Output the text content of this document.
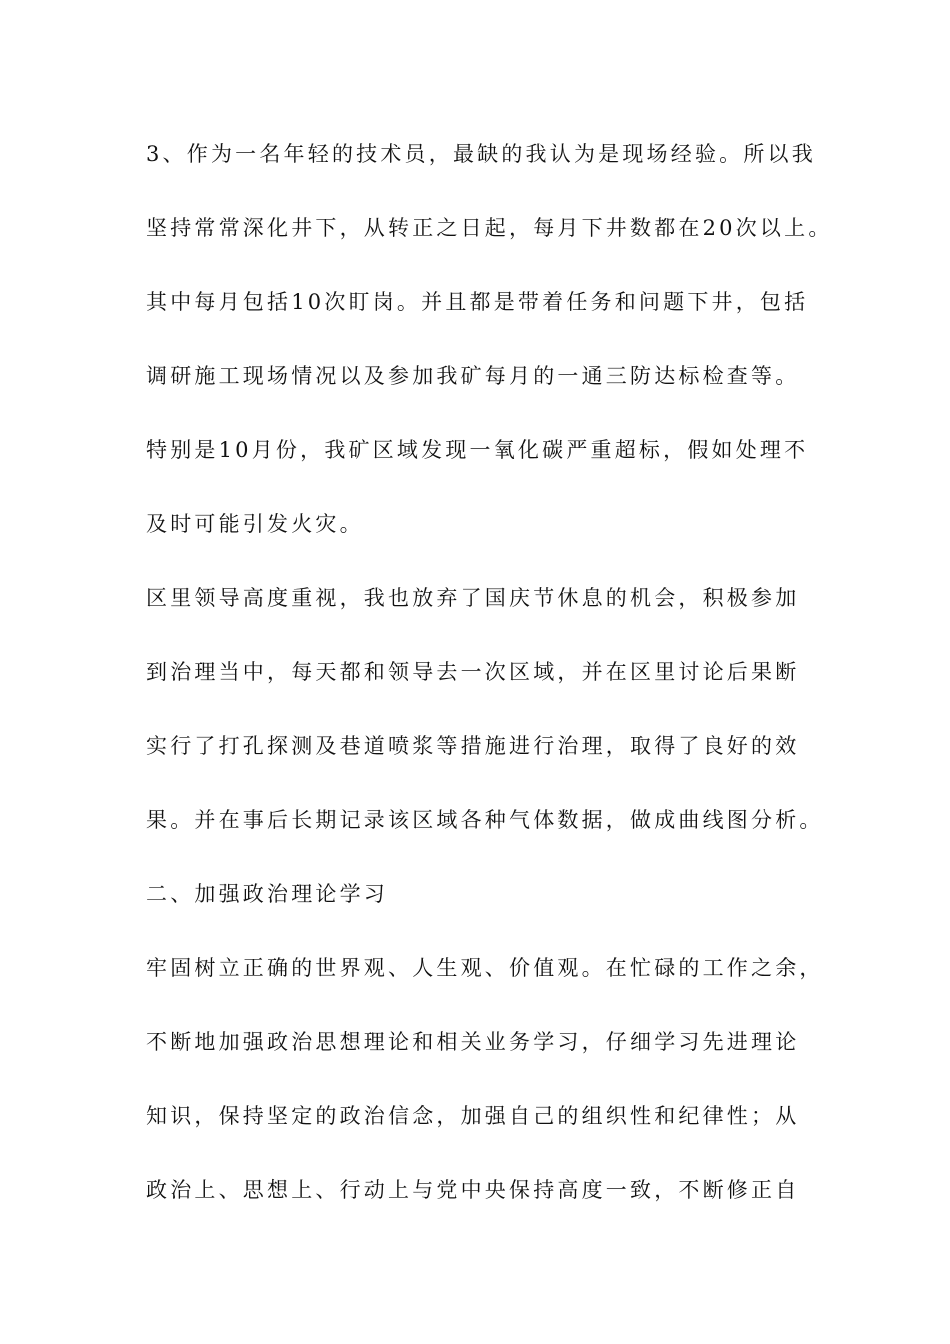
3、作为一名年轻的技术员，最缺的我认为是现场经验。所以我
坚持常常深化井下，从转正之日起，每月下井数都在20次以上。
其中每月包括10次盯岗。并且都是带着任务和问题下井，包括
调研施工现场情况以及参加我矿每月的一通三防达标检查等。
特别是10月份，我矿区域发现一氧化碳严重超标，假如处理不
及时可能引发火灾。
区里领导高度重视，我也放弃了国庆节休息的机会，积极参加
到治理当中，每天都和领导去一次区域，并在区里讨论后果断
实行了打孔探测及巷道喷浆等措施进行治理，取得了良好的效
果。并在事后长期记录该区域各种气体数据，做成曲线图分析。
二、加强政治理论学习
牢固树立正确的世界观、人生观、价值观。在忙碌的工作之余，
不断地加强政治思想理论和相关业务学习，仔细学习先进理论
知识，保持坚定的政治信念，加强自己的组织性和纪律性；从
政治上、思想上、行动上与党中央保持高度一致，不断修正自
